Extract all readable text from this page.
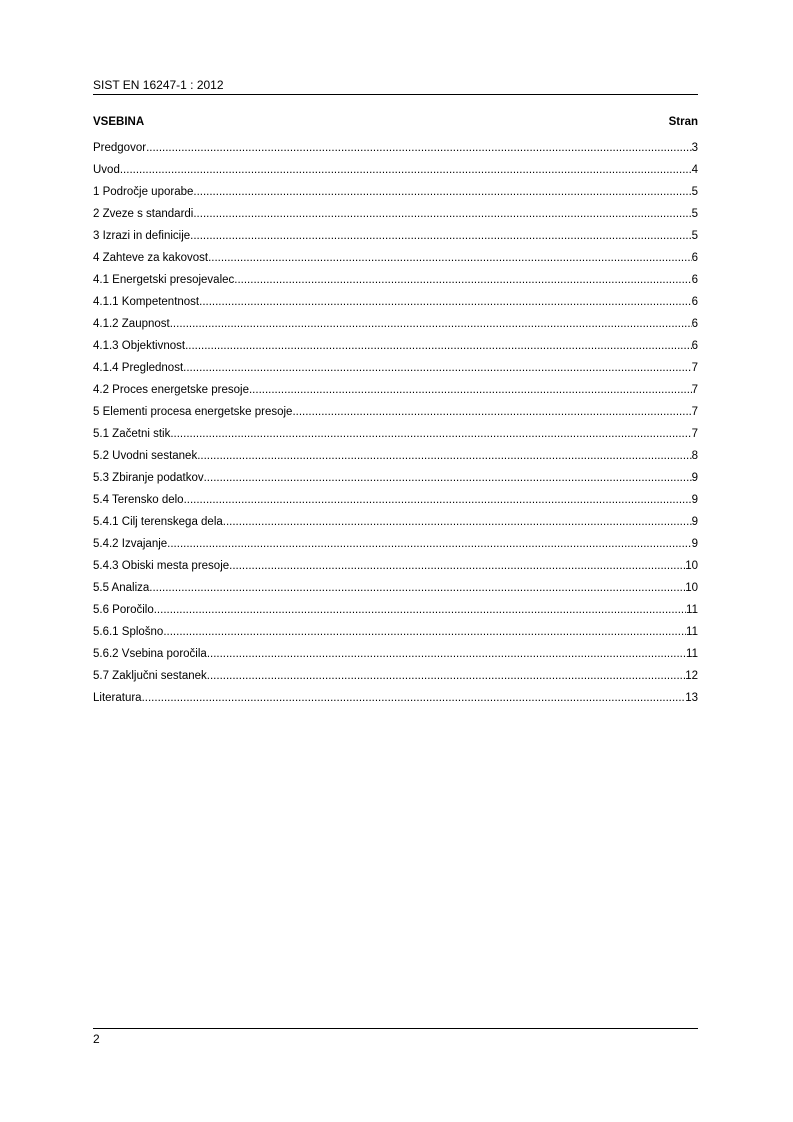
SIST EN 16247-1 : 2012
VSEBINA	Stran
Predgovor .....	3
Uvod .....	4
1 Področje uporabe .....	5
2 Zveze s standardi .....	5
3 Izrazi in definicije .....	5
4 Zahteve za kakovost .....	6
4.1 Energetski presojevalec .....	6
4.1.1 Kompetentnost .....	6
4.1.2 Zaupnost .....	6
4.1.3 Objektivnost .....	6
4.1.4 Preglednost .....	7
4.2 Proces energetske presoje .....	7
5 Elementi procesa energetske presoje .....	7
5.1 Začetni stik .....	7
5.2 Uvodni sestanek .....	8
5.3 Zbiranje podatkov .....	9
5.4 Terensko delo .....	9
5.4.1 Cilj terenskega dela .....	9
5.4.2 Izvajanje .....	9
5.4.3 Obiski mesta presoje .....	10
5.5 Analiza .....	10
5.6 Poročilo .....	11
5.6.1 Splošno .....	11
5.6.2 Vsebina poročila .....	11
5.7 Zaključni sestanek .....	12
Literatura .....	13
2
